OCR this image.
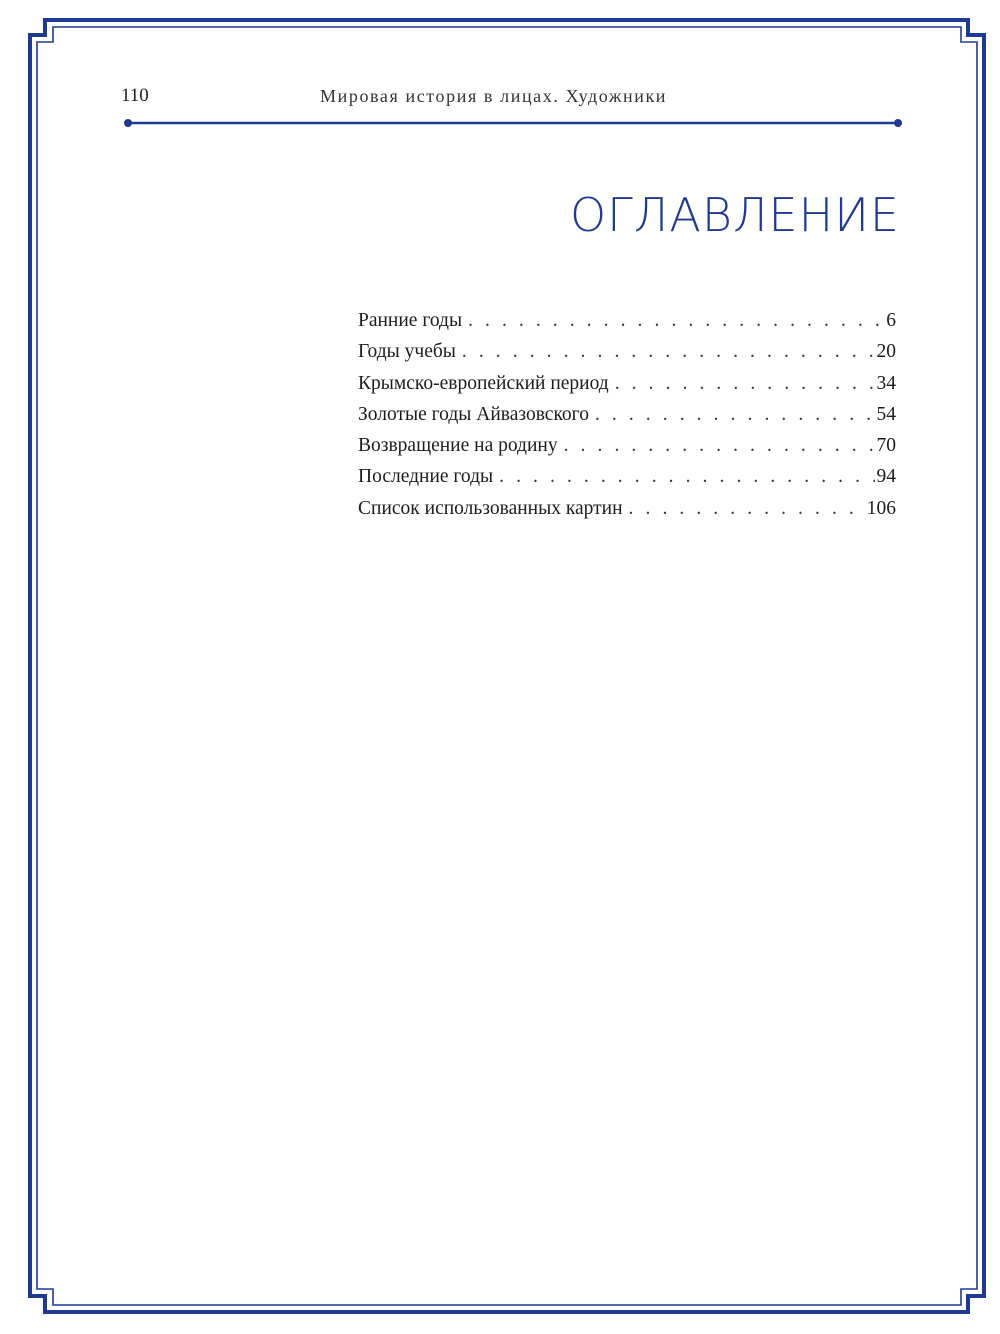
110	Мировая история в лицах. Художники
ОГЛАВЛЕНИЕ
Ранние годы . . .	6
Годы учебы . . .	20
Крымско-европейский период . . .	34
Золотые годы Айвазовского . . .	54
Возвращение на родину . . .	70
Последние годы . . .	94
Список использованных картин . . .	106
